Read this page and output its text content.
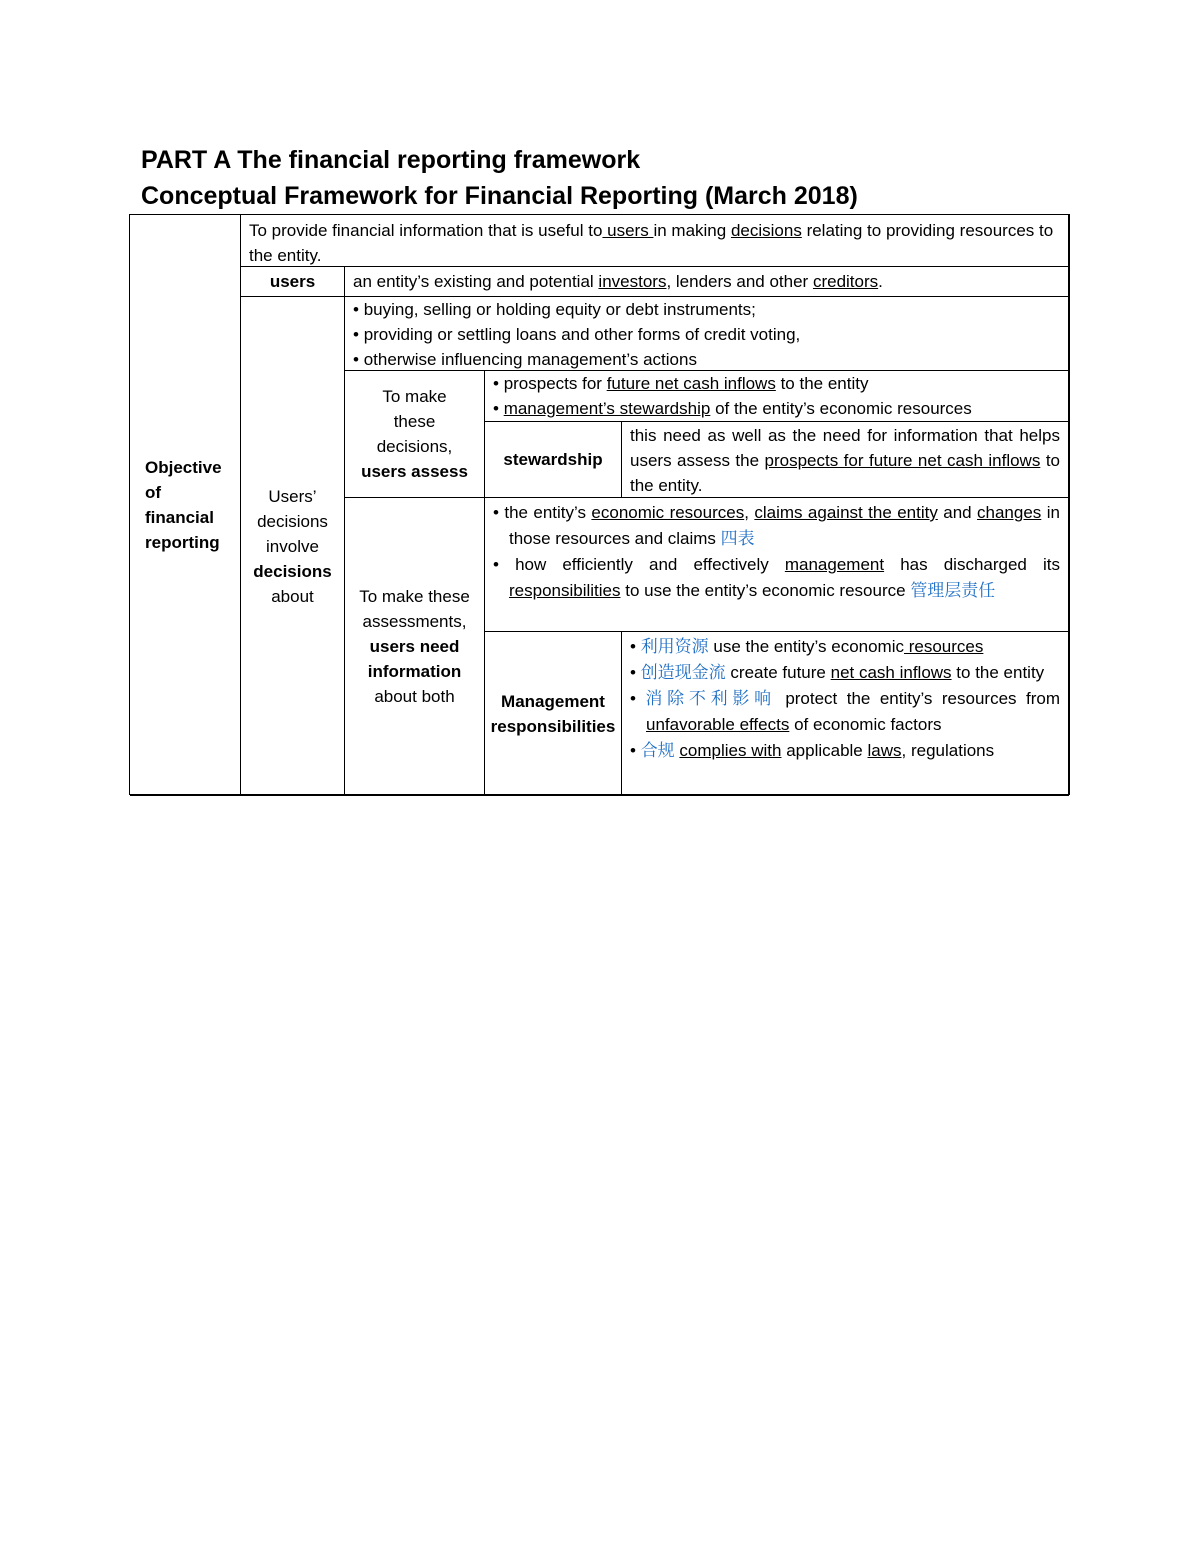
PART A The financial reporting framework
Conceptual Framework for Financial Reporting (March 2018)
Objective of financial reporting
To provide financial information that is useful to users in making decisions relating to providing resources to the entity.
users an entity’s existing and potential investors, lenders and other creditors.
Users’ decisions involve
decisions
about
• buying, selling or holding equity or debt instruments;
• providing or settling loans and other forms of credit voting,
• otherwise influencing management’s actions
To make these decisions,
users assess
• prospects for future net cash inflows to the entity
• management’s stewardship of the entity’s economic resources
stewardship
this need as well as the need for information that helps users assess the prospects for future net cash inflows to the entity.
To make these assessments,
users need information
about both
• the entity’s economic resources, claims against the entity and changes in those resources and claims 四表
• how efficiently and effectively management has discharged its responsibilities to use the entity’s economic resource 管理层责任
Management responsibilities
• 利用资源 use the entity’s economic resources
• 创造现金流 create future net cash inflows to the entity
• 消除不利影响 protect the entity’s resources from unfavorable effects of economic factors
• 合规 complies with applicable laws, regulations
